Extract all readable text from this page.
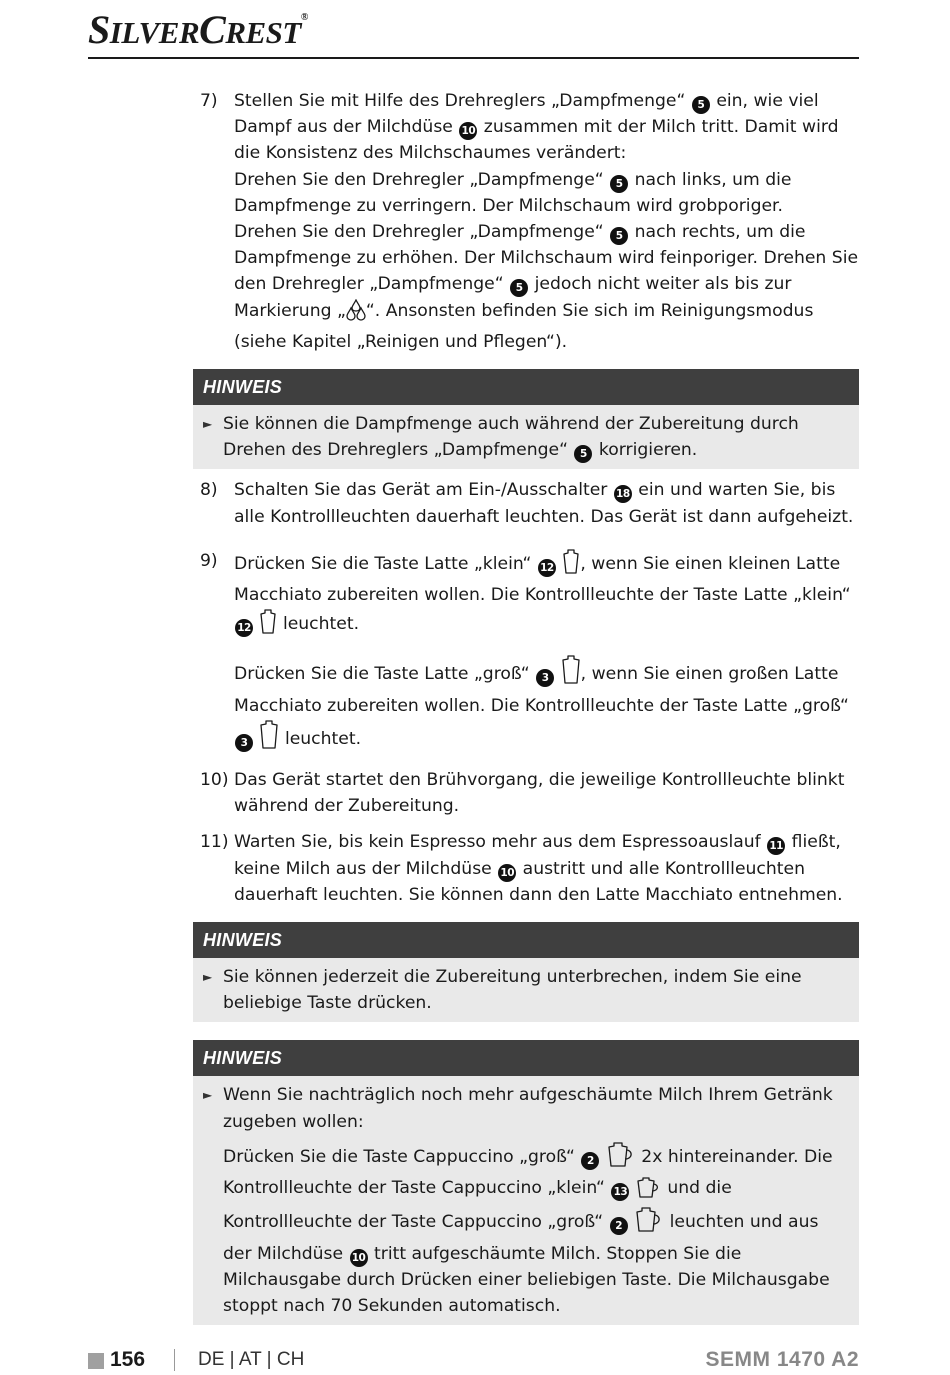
SILVERCREST®
7) Stellen Sie mit Hilfe des Drehreglers „Dampfmenge“ 5 ein, wie viel Dampf aus der Milchdüse 10 zusammen mit der Milch tritt. Damit wird die Konsistenz des Milchschaumes verändert:
Drehen Sie den Drehregler „Dampfmenge“ 5 nach links, um die Dampfmenge zu verringern. Der Milchschaum wird grobporiger.
Drehen Sie den Drehregler „Dampfmenge“ 5 nach rechts, um die Dampfmenge zu erhöhen. Der Milchschaum wird feinporiger. Drehen Sie den Drehregler „Dampfmenge“ 5 jedoch nicht weiter als bis zur Markierung „ “. Ansonsten befinden Sie sich im Reinigungsmodus (siehe Kapitel „Reinigen und Pflegen“).
HINWEIS
► Sie können die Dampfmenge auch während der Zubereitung durch Drehen des Drehreglers „Dampfmenge“ 5 korrigieren.
8) Schalten Sie das Gerät am Ein-/Ausschalter 18 ein und warten Sie, bis alle Kontrollleuchten dauerhaft leuchten. Das Gerät ist dann aufgeheizt.
9) Drücken Sie die Taste Latte „klein“ 12 , wenn Sie einen kleinen Latte Macchiato zubereiten wollen. Die Kontrollleuchte der Taste Latte „klein“ 12 leuchtet.
Drücken Sie die Taste Latte „groß“ 3 , wenn Sie einen großen Latte Macchiato zubereiten wollen. Die Kontrollleuchte der Taste Latte „groß“ 3 leuchtet.
10) Das Gerät startet den Brühvorgang, die jeweilige Kontrollleuchte blinkt während der Zubereitung.
11) Warten Sie, bis kein Espresso mehr aus dem Espressoauslauf 11 fließt, keine Milch aus der Milchdüse 10 austritt und alle Kontrollleuchten dauerhaft leuchten. Sie können dann den Latte Macchiato entnehmen.
HINWEIS
► Sie können jederzeit die Zubereitung unterbrechen, indem Sie eine beliebige Taste drücken.
HINWEIS
► Wenn Sie nachträglich noch mehr aufgeschäumte Milch Ihrem Getränk zugeben wollen:
Drücken Sie die Taste Cappuccino „groß“ 2	2x hintereinander. Die Kontrollleuchte der Taste Cappuccino „klein“ 13 und die Kontrollleuchte der Taste Cappuccino „groß“ 2	leuchten und aus der Milchdüse 10 tritt aufgeschäumte Milch. Stoppen Sie die Milchausgabe durch Drücken einer beliebigen Taste. Die Milchausgabe stoppt nach 70 Sekunden automatisch.
156	DE | AT | CH	SEMM 1470 A2
